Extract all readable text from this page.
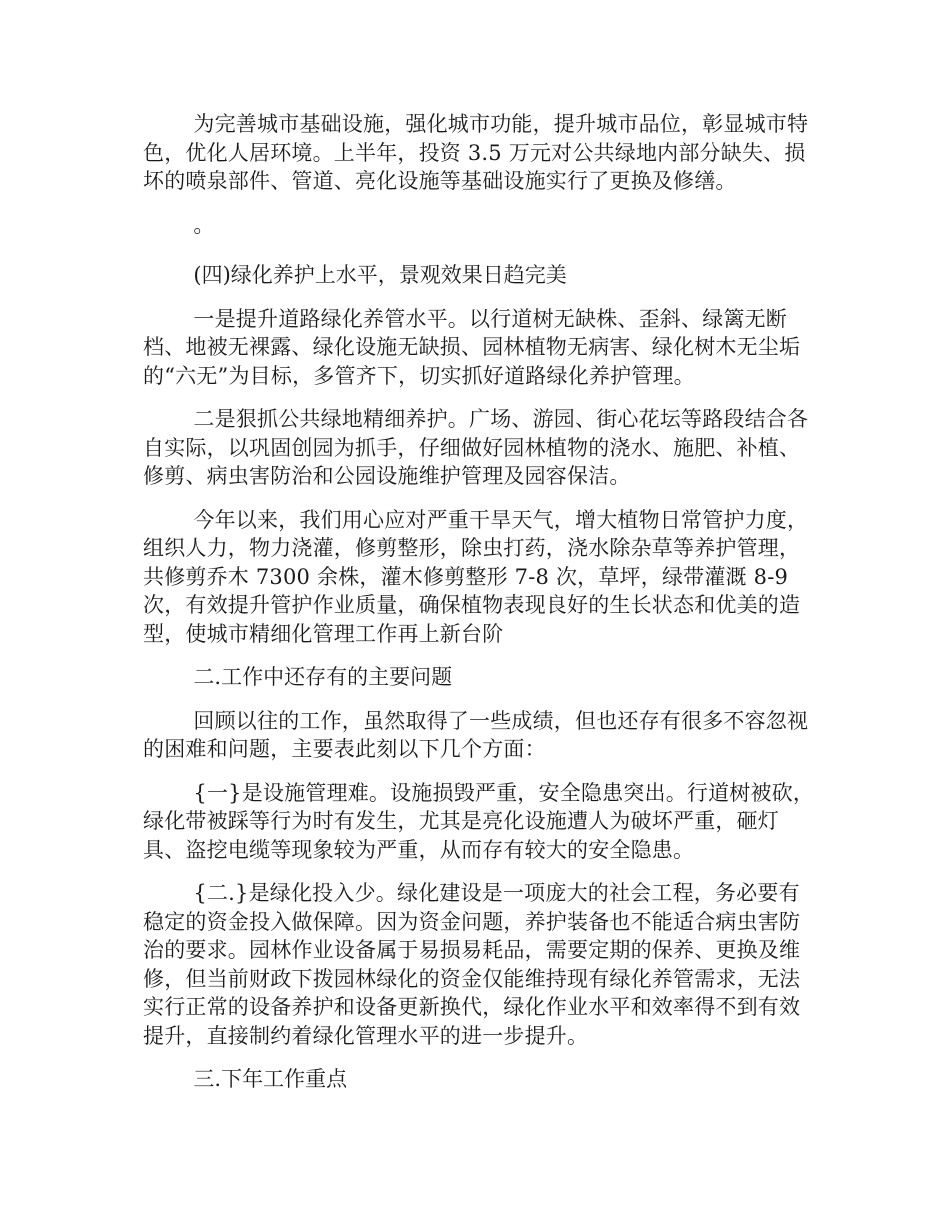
为完善城市基础设施，强化城市功能，提升城市品位，彰显城市特色，优化人居环境。上半年，投资 3.5 万元对公共绿地内部分缺失、损坏的喷泉部件、管道、亮化设施等基础设施实行了更换及修缮。

。

(四)绿化养护上水平，景观效果日趋完美

一是提升道路绿化养管水平。以行道树无缺株、歪斜、绿篱无断档、地被无裸露、绿化设施无缺损、园林植物无病害、绿化树木无尘垢的“六无”为目标，多管齐下，切实抓好道路绿化养护管理。

二是狠抓公共绿地精细养护。广场、游园、街心花坛等路段结合各自实际，以巩固创园为抓手，仔细做好园林植物的浇水、施肥、补植、修剪、病虫害防治和公园设施维护管理及园容保洁。

今年以来，我们用心应对严重干旱天气，增大植物日常管护力度，组织人力，物力浇灌，修剪整形，除虫打药，浇水除杂草等养护管理，共修剪乔木 7300 余株，灌木修剪整形 7-8 次，草坪，绿带灌溉 8-9 次，有效提升管护作业质量，确保植物表现良好的生长状态和优美的造型，使城市精细化管理工作再上新台阶

二.工作中还存有的主要问题

回顾以往的工作，虽然取得了一些成绩，但也还存有很多不容忽视的困难和问题，主要表此刻以下几个方面：

{一}是设施管理难。设施损毁严重，安全隐患突出。行道树被砍，绿化带被踩等行为时有发生，尤其是亮化设施遭人为破坏严重，砸灯具、盗挖电缆等现象较为严重，从而存有较大的安全隐患。

{二.}是绿化投入少。绿化建设是一项庞大的社会工程，务必要有稳定的资金投入做保障。因为资金问题，养护装备也不能适合病虫害防治的要求。园林作业设备属于易损易耗品，需要定期的保养、更换及维修，但当前财政下拨园林绿化的资金仅能维持现有绿化养管需求，无法实行正常的设备养护和设备更新换代，绿化作业水平和效率得不到有效提升，直接制约着绿化管理水平的进一步提升。

三.下年工作重点
